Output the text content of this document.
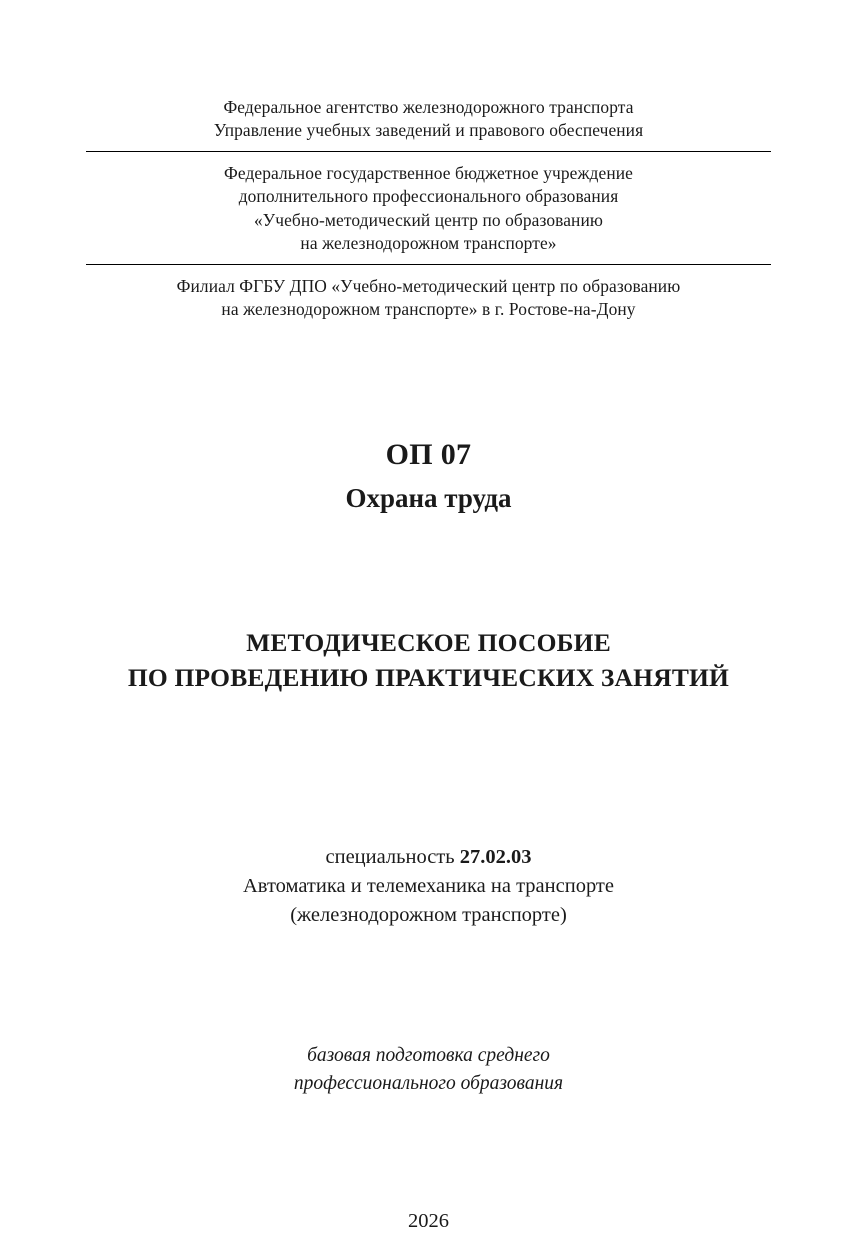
Федеральное агентство железнодорожного транспорта
Управление учебных заведений и правового обеспечения
Федеральное государственное бюджетное учреждение
дополнительного профессионального образования
«Учебно-методический центр по образованию
на железнодорожном транспорте»
Филиал ФГБУ ДПО «Учебно-методический центр по образованию
на железнодорожном транспорте» в г. Ростове-на-Дону
ОП 07
Охрана труда
МЕТОДИЧЕСКОЕ ПОСОБИЕ
ПО ПРОВЕДЕНИЮ ПРАКТИЧЕСКИХ ЗАНЯТИЙ
специальность 27.02.03
Автоматика и телемеханика на транспорте
(железнодорожном транспорте)
базовая подготовка среднего
профессионального образования
2026
